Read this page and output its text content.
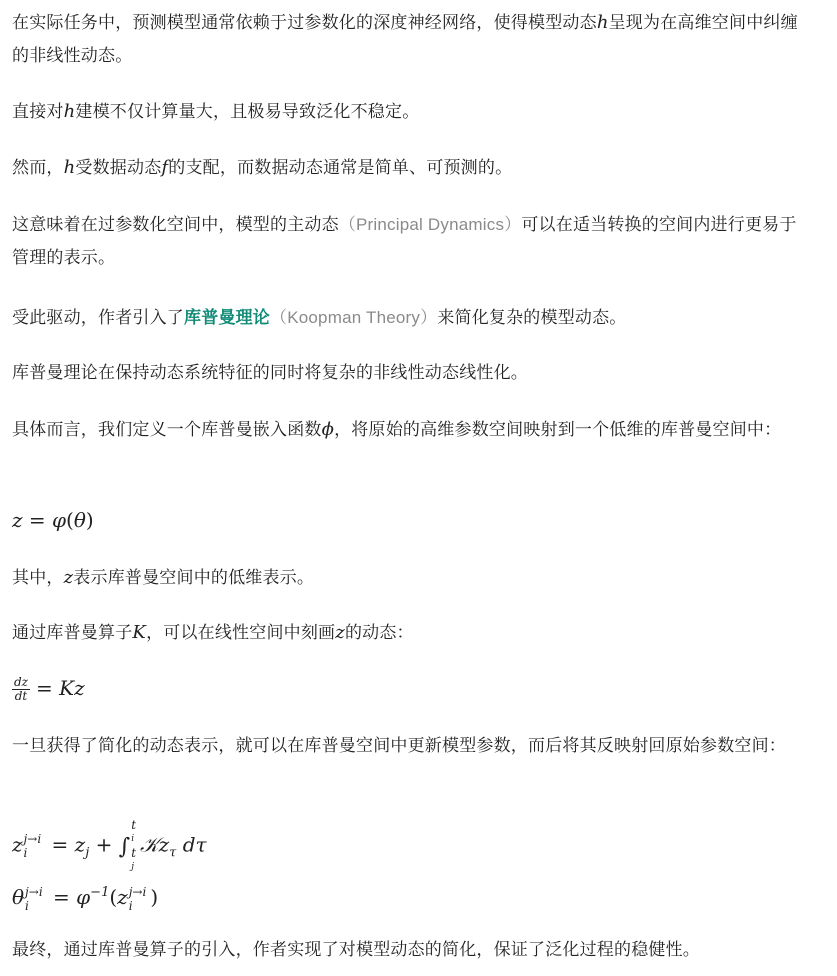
在实际任务中，预测模型通常依赖于过参数化的深度神经网络，使得模型动态h呈现为在高维空间中纠缠的非线性动态。

直接对h建模不仅计算量大，且极易导致泛化不稳定。

然而，h受数据动态f的支配，而数据动态通常是简单、可预测的。

这意味着在过参数化空间中，模型的主动态（Principal Dynamics）可以在适当转换的空间内进行更易于管理的表示。

受此驱动，作者引入了库普曼理论（Koopman Theory）来简化复杂的模型动态。

库普曼理论在保持动态系统特征的同时将复杂的非线性动态线性化。

具体而言，我们定义一个库普曼嵌入函数ϕ，将原始的高维参数空间映射到一个低维的库普曼空间中：

z = φ(θ)

其中，z表示库普曼空间中的低维表示。

通过库普曼算子K，可以在线性空间中刻画z的动态：

$\frac{dz}{dt} = Kz$

一旦获得了简化的动态表示，就可以在库普曼空间中更新模型参数，而后将其反映射回原始参数空间：

z j→i
$i = z_j$ + ∫
t
i
t
j
𝒦z$_\tau$ dτ
θ j→i
$i = \varphi^{-1}(z$ j→i
i )

最终，通过库普曼算子的引入，作者实现了对模型动态的简化，保证了泛化过程的稳健性。
